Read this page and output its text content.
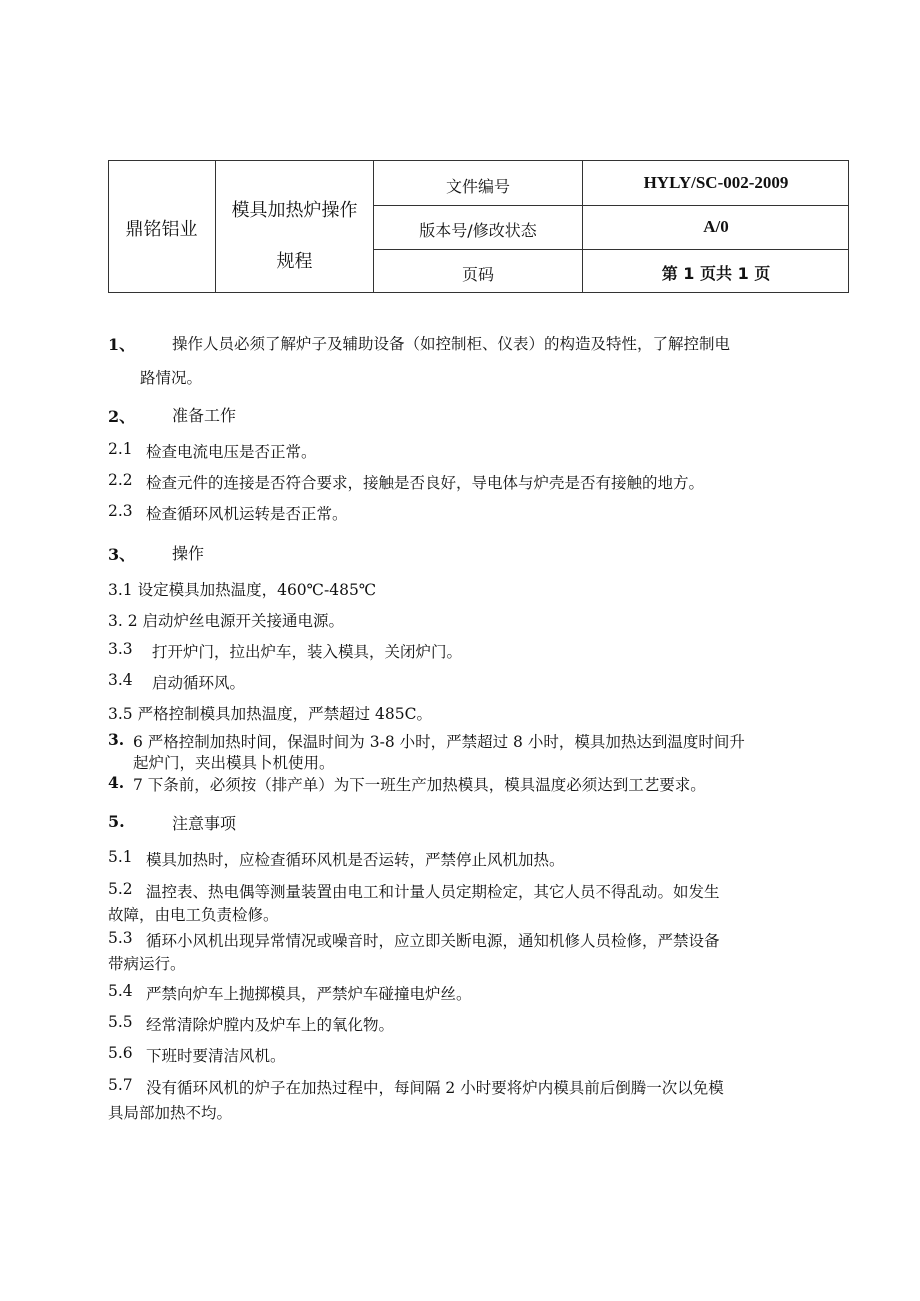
鼎铭铝业
模具加热炉操作
规程
文件编号	HYLY/SC-002-2009
版本号/修改状态	A/0
页码	第 1 页共 1 页
1、 操作人员必须了解炉子及辅助设备（如控制柜、仪表）的构造及特性，了解控制电
路情况。
2、 准备工作
2.1 检查电流电压是否正常。
2.2 检查元件的连接是否符合要求，接触是否良好，导电体与炉壳是否有接触的地方。
2.3 检查循环风机运转是否正常。
3、 操作
3.1 设定模具加热温度，460℃-485℃
3. 2 启动炉丝电源开关接通电源。
3.3 打开炉门，拉出炉车，装入模具，关闭炉门。
3.4 启动循环风。
3.5 严格控制模具加热温度，严禁超过 485C。
3. 6 严格控制加热时间，保温时间为 3-8 小时，严禁超过 8 小时，模具加热达到温度时间升
起炉门，夹出模具卜机使用。
4. 7 下条前，必须按（排产单）为下一班生产加热模具，模具温度必须达到工艺要求。
5.	注意事项
5.1 模具加热时，应检查循环风机是否运转，严禁停止风机加热。
5.2 温控表、热电偶等测量装置由电工和计量人员定期检定，其它人员不得乱动。如发生
故障，由电工负责检修。
5.3 循环小风机出现异常情况或噪音时，应立即关断电源，通知机修人员检修，严禁设备
带病运行。
5.4 严禁向炉车上抛掷模具，严禁炉车碰撞电炉丝。
5.5 经常清除炉膛内及炉车上的氧化物。
5.6 下班时要清洁风机。
5.7 没有循环风机的炉子在加热过程中，每间隔 2 小时要将炉内模具前后倒腾一次以免模
具局部加热不均。
